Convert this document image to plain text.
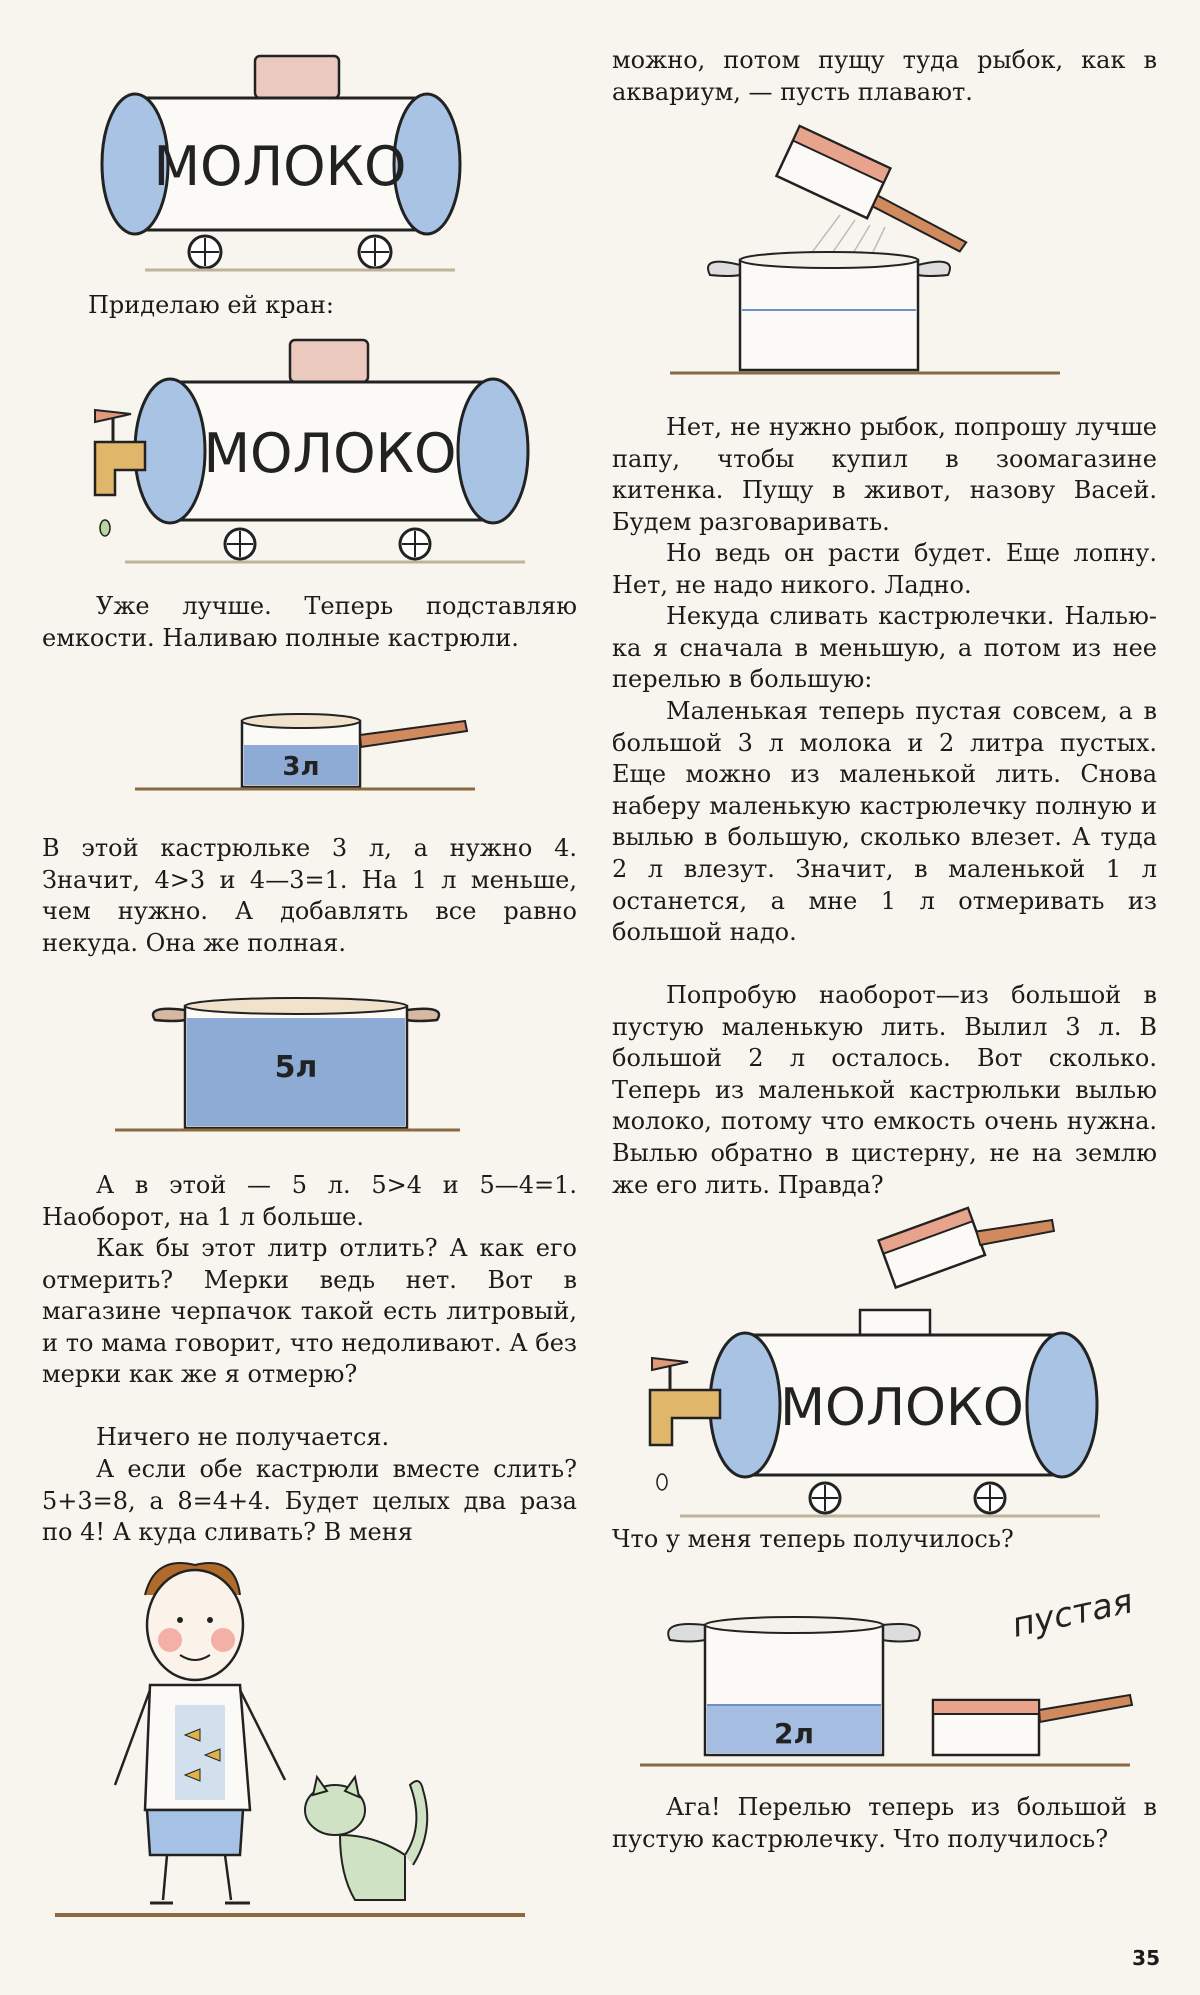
МОЛОКО

Приделаю ей кран:

МОЛОКО

Уже лучше. Теперь подставляю емкости. Наливаю полные кастрюли.

3л

В этой кастрюльке 3 л, а нужно 4. Значит, 4>3 и 4—3=1. На 1 л меньше, чем нужно. А добавлять все равно некуда. Она же полная.

5л

А в этой — 5 л. 5>4 и 5—4=1. Наоборот, на 1 л больше.

Как бы этот литр отлить? А как его отмерить? Мерки ведь нет. Вот в магазине черпачок такой есть литровый, и то мама говорит, что недоливают. А без мерки как же я отмерю?

Ничего не получается.

А если обе кастрюли вместе слить? 5+3=8, а 8=4+4. Будет целых два раза по 4! А куда сливать? В меня

можно, потом пущу туда рыбок, как в аквариум, — пусть плавают.

Нет, не нужно рыбок, попрошу лучше папу, чтобы купил в зоомагазине китенка. Пущу в живот, назову Васей. Будем разговаривать.

Но ведь он расти будет. Еще лопну. Нет, не надо никого. Ладно.

Некуда сливать кастрюлечки. Налью-ка я сначала в меньшую, а потом из нее перелью в большую:

Маленькая теперь пустая совсем, а в большой 3 л молока и 2 литра пустых. Еще можно из маленькой лить. Снова наберу маленькую кастрюлечку полную и вылью в большую, сколько влезет. А туда 2 л влезут. Значит, в маленькой 1 л останется, а мне 1 л отмеривать из большой надо.

Попробую наоборот—из большой в пустую маленькую лить. Вылил 3 л. В большой 2 л осталось. Вот сколько. Теперь из маленькой кастрюльки вылью молоко, потому что емкость очень нужна. Вылью обратно в цистерну, не на землю же его лить. Правда?

МОЛОКО

Что у меня теперь получилось?

2л
пустая

Ага! Перелью теперь из большой в пустую кастрюлечку. Что получилось?

35
